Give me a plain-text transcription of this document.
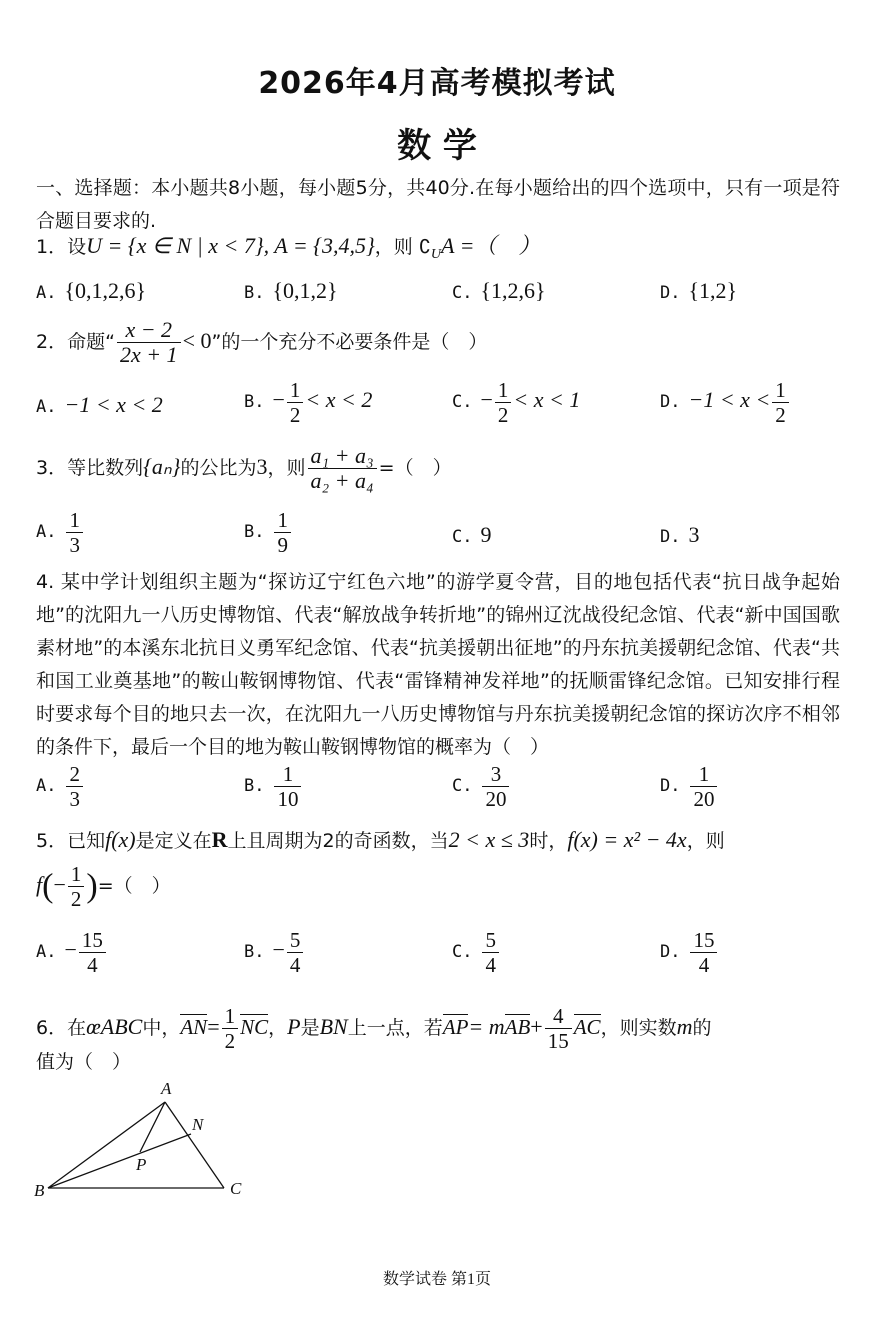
2026年4月高考模拟考试
数 学
一、选择题：本小题共8小题，每小题5分，共40分.在每小题给出的四个选项中，只有一项是符合题目要求的.
1．设U = {x ∈ N | x < 7}, A = {3,4,5}，则 $∁_UA$ =（　）
A. {0,1,2,6}	B. {0,1,2}	C. {1,2,6}	D. {1,2}
2．命题“ $\frac{x - 2}{2x + 1} < 0$”的一个充分不必要条件是（　）
A. −1 < x < 2	B. − $\frac{1}{2} < x < 2$	C. − $\frac{1}{2} < x < 1$	D. $-1 < x < \frac{1}{2}$
3．等比数列{aₙ}的公比为3，则 $\frac{\text{a₁ + a₃}}{\text{a₂ + a₄}}$ =（　）
A. $\frac{1}{3}$	B. $\frac{1}{9}$	C. 9	D. 3
4. 某中学计划组织主题为“探访辽宁红色六地”的游学夏令营，目的地包括代表“抗日战争起始地”的沈阳九一八历史博物馆、代表“解放战争转折地”的锦州辽沈战役纪念馆、代表“新中国国歌素材地”的本溪东北抗日义勇军纪念馆、代表“抗美援朝出征地”的丹东抗美援朝纪念馆、代表“共和国工业奠基地”的鞍山鞍钢博物馆、代表“雷锋精神发祥地”的抚顺雷锋纪念馆。已知安排行程时要求每个目的地只去一次，在沈阳九一八历史博物馆与丹东抗美援朝纪念馆的探访次序不相邻的条件下，最后一个目的地为鞍山鞍钢博物馆的概率为（　）
A. $\frac{2}{3}$	B. $\frac{1}{10}$	C. $\frac{3}{20}$	D. $\frac{1}{20}$
5．已知f(x)是定义在R上且周期为2的奇函数，当2 < x ≤ 3时，f(x) = x² − 4x，则
$f(- \frac{1}{2}$ )=（　）
A. − $\frac{15}{4}$	B. − $\frac{5}{4}$	C. $\frac{5}{4}$	D. $\frac{15}{4}$
6．在œABC中，$AN= \frac{1}{2}$ NC，P是BN上一点，若$AP= mAB+ \frac{4}{15}$ AC，则实数m的
值为（　）
A
N
P
B	C
数学试卷 第1页
